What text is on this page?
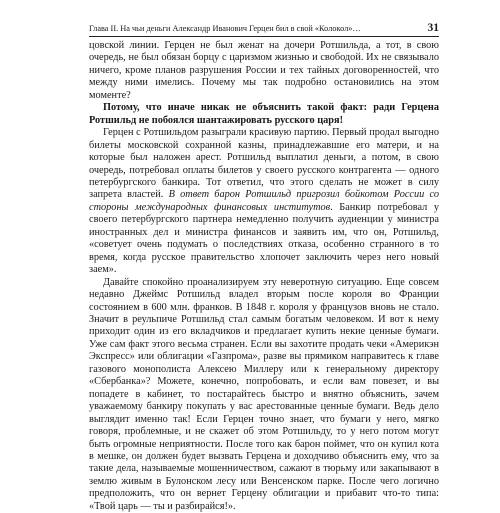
Глава II. На чьи деньги Александр Иванович Герцен бил в свой «Колокол»…	31

цовской линии. Герцен не был женат на дочери Ротшильда, а тот, в свою очередь, не был обязан борцу с царизмом жизнью и свободой. Их не связывало ничего, кроме планов разрушения России и тех тайных договоренностей, что между ними имелись. Почему мы так подробно остановились на этом моменте?

Потому, что иначе никак не объяснить такой факт: ради Герцена Ротшильд не побоялся шантажировать русского царя!

Герцен с Ротшильдом разыграли красивую партию. Первый продал выгодно билеты московской сохранной казны, принадлежавшие его матери, и на которые был наложен арест. Ротшильд выплатил деньги, а потом, в свою очередь, потребовал оплаты билетов у своего русского контрагента — одного петербургского банкира. Тот ответил, что этого сделать не может в силу запрета властей. В ответ барон Ротшильд пригрозил бойкотом России со стороны международных финансовых институтов. Банкир потребовал у своего петербургского партнера немедленно получить аудиенции у министра иностранных дел и министра финансов и заявить им, что он, Ротшильд, «советует очень подумать о последствиях отказа, особенно странного в то время, когда русское правительство хлопочет заключить через него новый заем».

Давайте спокойно проанализируем эту неверотную ситуацию. Еще совсем недавно Джеймс Ротшильд владел вторым после короля во Франции состоянием в 600 млн. франков. В 1848 г. короля у французов вновь не стало. Значит в реульпиче Ротшильд стал самым богатым человеком. И вот к нему приходит один из его вкладчиков и предлагает купить некие ценные бумаги. Уже сам факт этого весьма странен. Если вы захотите продать чеки «Америкэн Экспресс» или облигации «Газпрома», разве вы прямиком направитесь к главе газового монополиста Алексею Миллеру или к генеральному директору «Сбербанка»? Можете, конечно, попробовать, и если вам повезет, и вы попадете в кабинет, то постарайтесь быстро и внятно объяснить, зачем уважаемому банкиру покупать у вас арестованные ценные бумаги. Ведь дело выглядит именно так! Если Герцен точно знает, что бумаги у него, мягко говоря, проблемные, и не скажет об этом Ротшильду, то у него потом могут быть огромные неприятности. После того как барон поймет, что он купил кота в мешке, он должен будет вызвать Герцена и доходчиво объяснить ему, что за такие дела, называемые мошенничеством, сажают в тюрьму или закапывают в землю живым в Булонском лесу или Венсенском парке. После чего логично предположить, что он вернет Герцену облигации и прибавит что-то типа: «Твой царь — ты и разбирайся!».
